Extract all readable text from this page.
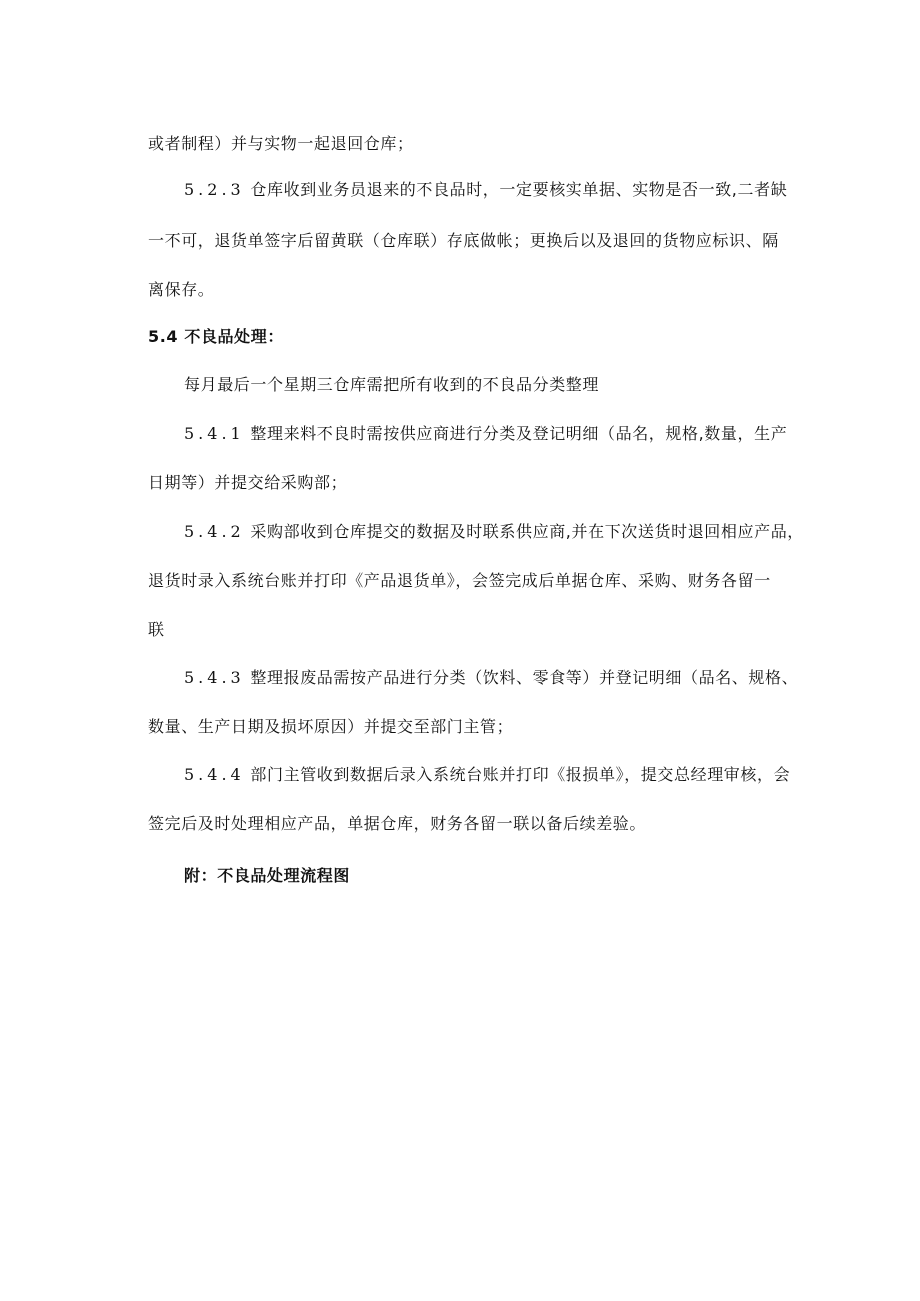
或者制程）并与实物一起退回仓库；
5.2.3 仓库收到业务员退来的不良品时，一定要核实单据、实物是否一致,二者缺
一不可，退货单签字后留黄联（仓库联）存底做帐；更换后以及退回的货物应标识、隔
离保存。
5.4 不良品处理：
每月最后一个星期三仓库需把所有收到的不良品分类整理
5.4.1 整理来料不良时需按供应商进行分类及登记明细（品名，规格,数量，生产
日期等）并提交给采购部；
5.4.2 采购部收到仓库提交的数据及时联系供应商,并在下次送货时退回相应产品，
退货时录入系统台账并打印《产品退货单》，会签完成后单据仓库、采购、财务各留一
联
5.4.3 整理报废品需按产品进行分类（饮料、零食等）并登记明细（品名、规格、
数量、生产日期及损坏原因）并提交至部门主管；
5.4.4 部门主管收到数据后录入系统台账并打印《报损单》，提交总经理审核，会
签完后及时处理相应产品，单据仓库，财务各留一联以备后续差验。
附：不良品处理流程图
